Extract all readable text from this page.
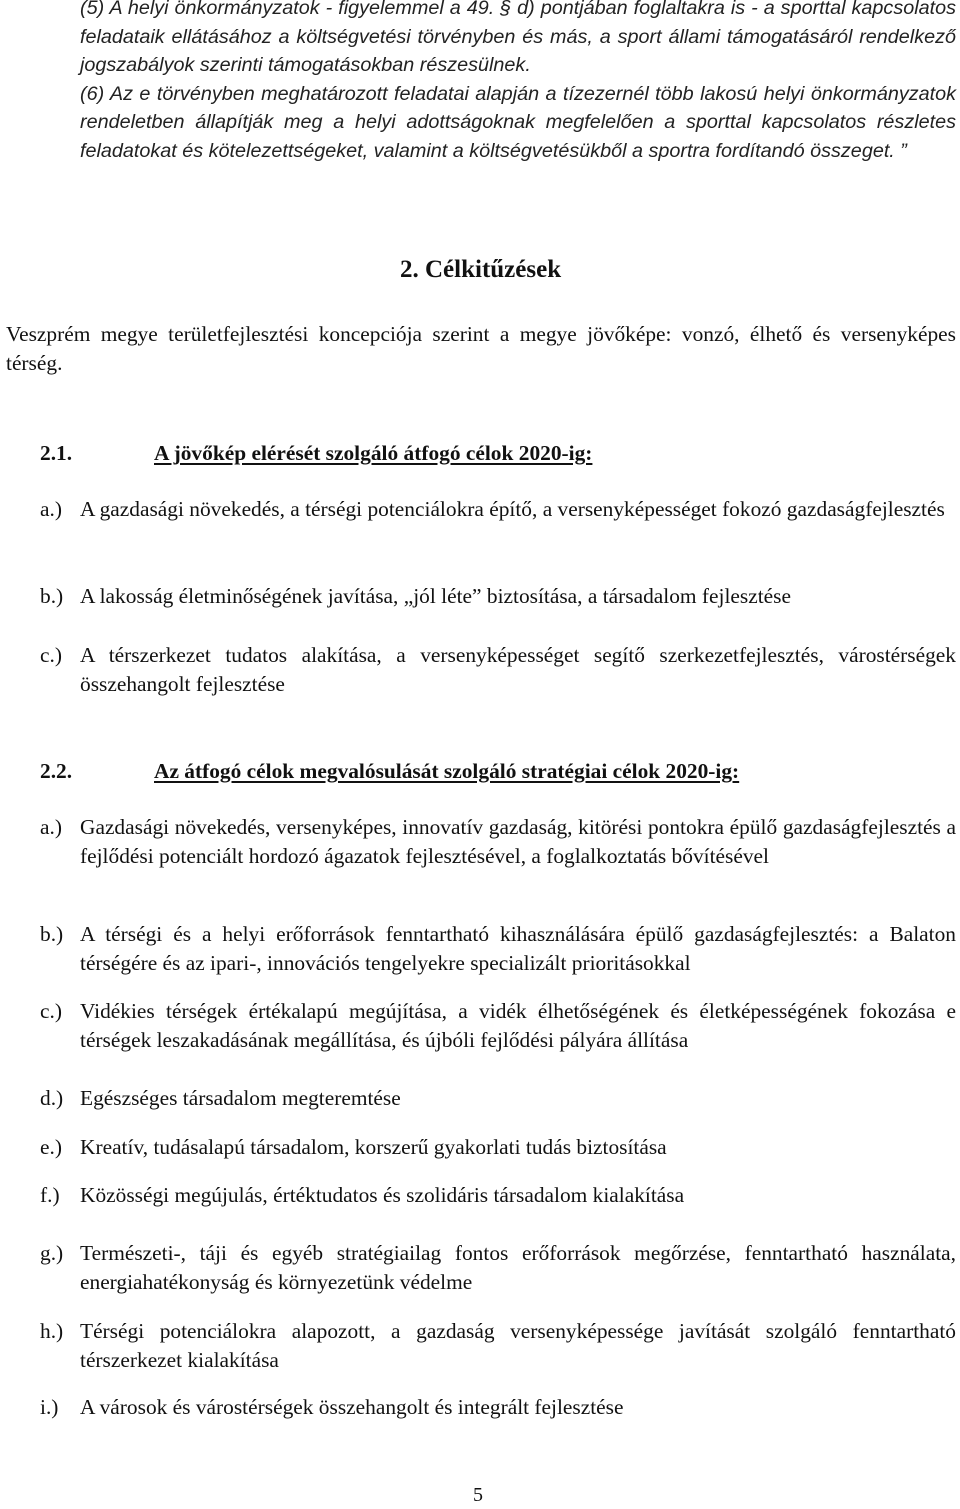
(5) A helyi önkormányzatok - figyelemmel a 49. § d) pontjában foglaltakra is - a sporttal kapcsolatos feladataik ellátásához a költségvetési törvényben és más, a sport állami támogatásáról rendelkező jogszabályok szerinti támogatásokban részesülnek.

(6) Az e törvényben meghatározott feladatai alapján a tízezernél több lakosú helyi önkormányzatok rendeletben állapítják meg a helyi adottságoknak megfelelően a sporttal kapcsolatos részletes feladatokat és kötelezettségeket, valamint a költségvetésükből a sportra fordítandó összeget. ”

2. Célkitűzések
Veszprém megye területfejlesztési koncepciója szerint a megye jövőképe: vonzó, élhető és versenyképes térség.
2.1.	A jövőkép elérését szolgáló átfogó célok 2020-ig:
a.) A gazdasági növekedés, a térségi potenciálokra építő, a versenyképességet fokozó gazdaságfejlesztés
b.) A lakosság életminőségének javítása, „jól léte” biztosítása, a társadalom fejlesztése
c.) A térszerkezet tudatos alakítása, a versenyképességet segítő szerkezetfejlesztés, várostérségek összehangolt fejlesztése
2.2.	Az átfogó célok megvalósulását szolgáló stratégiai célok 2020-ig:
a.) Gazdasági növekedés, versenyképes, innovatív gazdaság, kitörési pontokra épülő gazdaságfejlesztés a fejlődési potenciált hordozó ágazatok fejlesztésével, a foglalkoztatás bővítésével
b.) A térségi és a helyi erőforrások fenntartható kihasználására épülő gazdaságfejlesztés: a Balaton térségére és az ipari-, innovációs tengelyekre specializált prioritásokkal
c.) Vidékies térségek értékalapú megújítása, a vidék élhetőségének és életképességének fokozása e térségek leszakadásának megállítása, és újbóli fejlődési pályára állítása
d.) Egészséges társadalom megteremtése
e.) Kreatív, tudásalapú társadalom, korszerű gyakorlati tudás biztosítása
f.) Közösségi megújulás, értéktudatos és szolidáris társadalom kialakítása
g.) Természeti-, táji és egyéb stratégiailag fontos erőforrások megőrzése, fenntartható használata, energiahatékonyság és környezetünk védelme
h.) Térségi potenciálokra alapozott, a gazdaság versenyképessége javítását szolgáló fenntartható térszerkezet kialakítása
i.) A városok és várostérségek összehangolt és integrált fejlesztése
5
